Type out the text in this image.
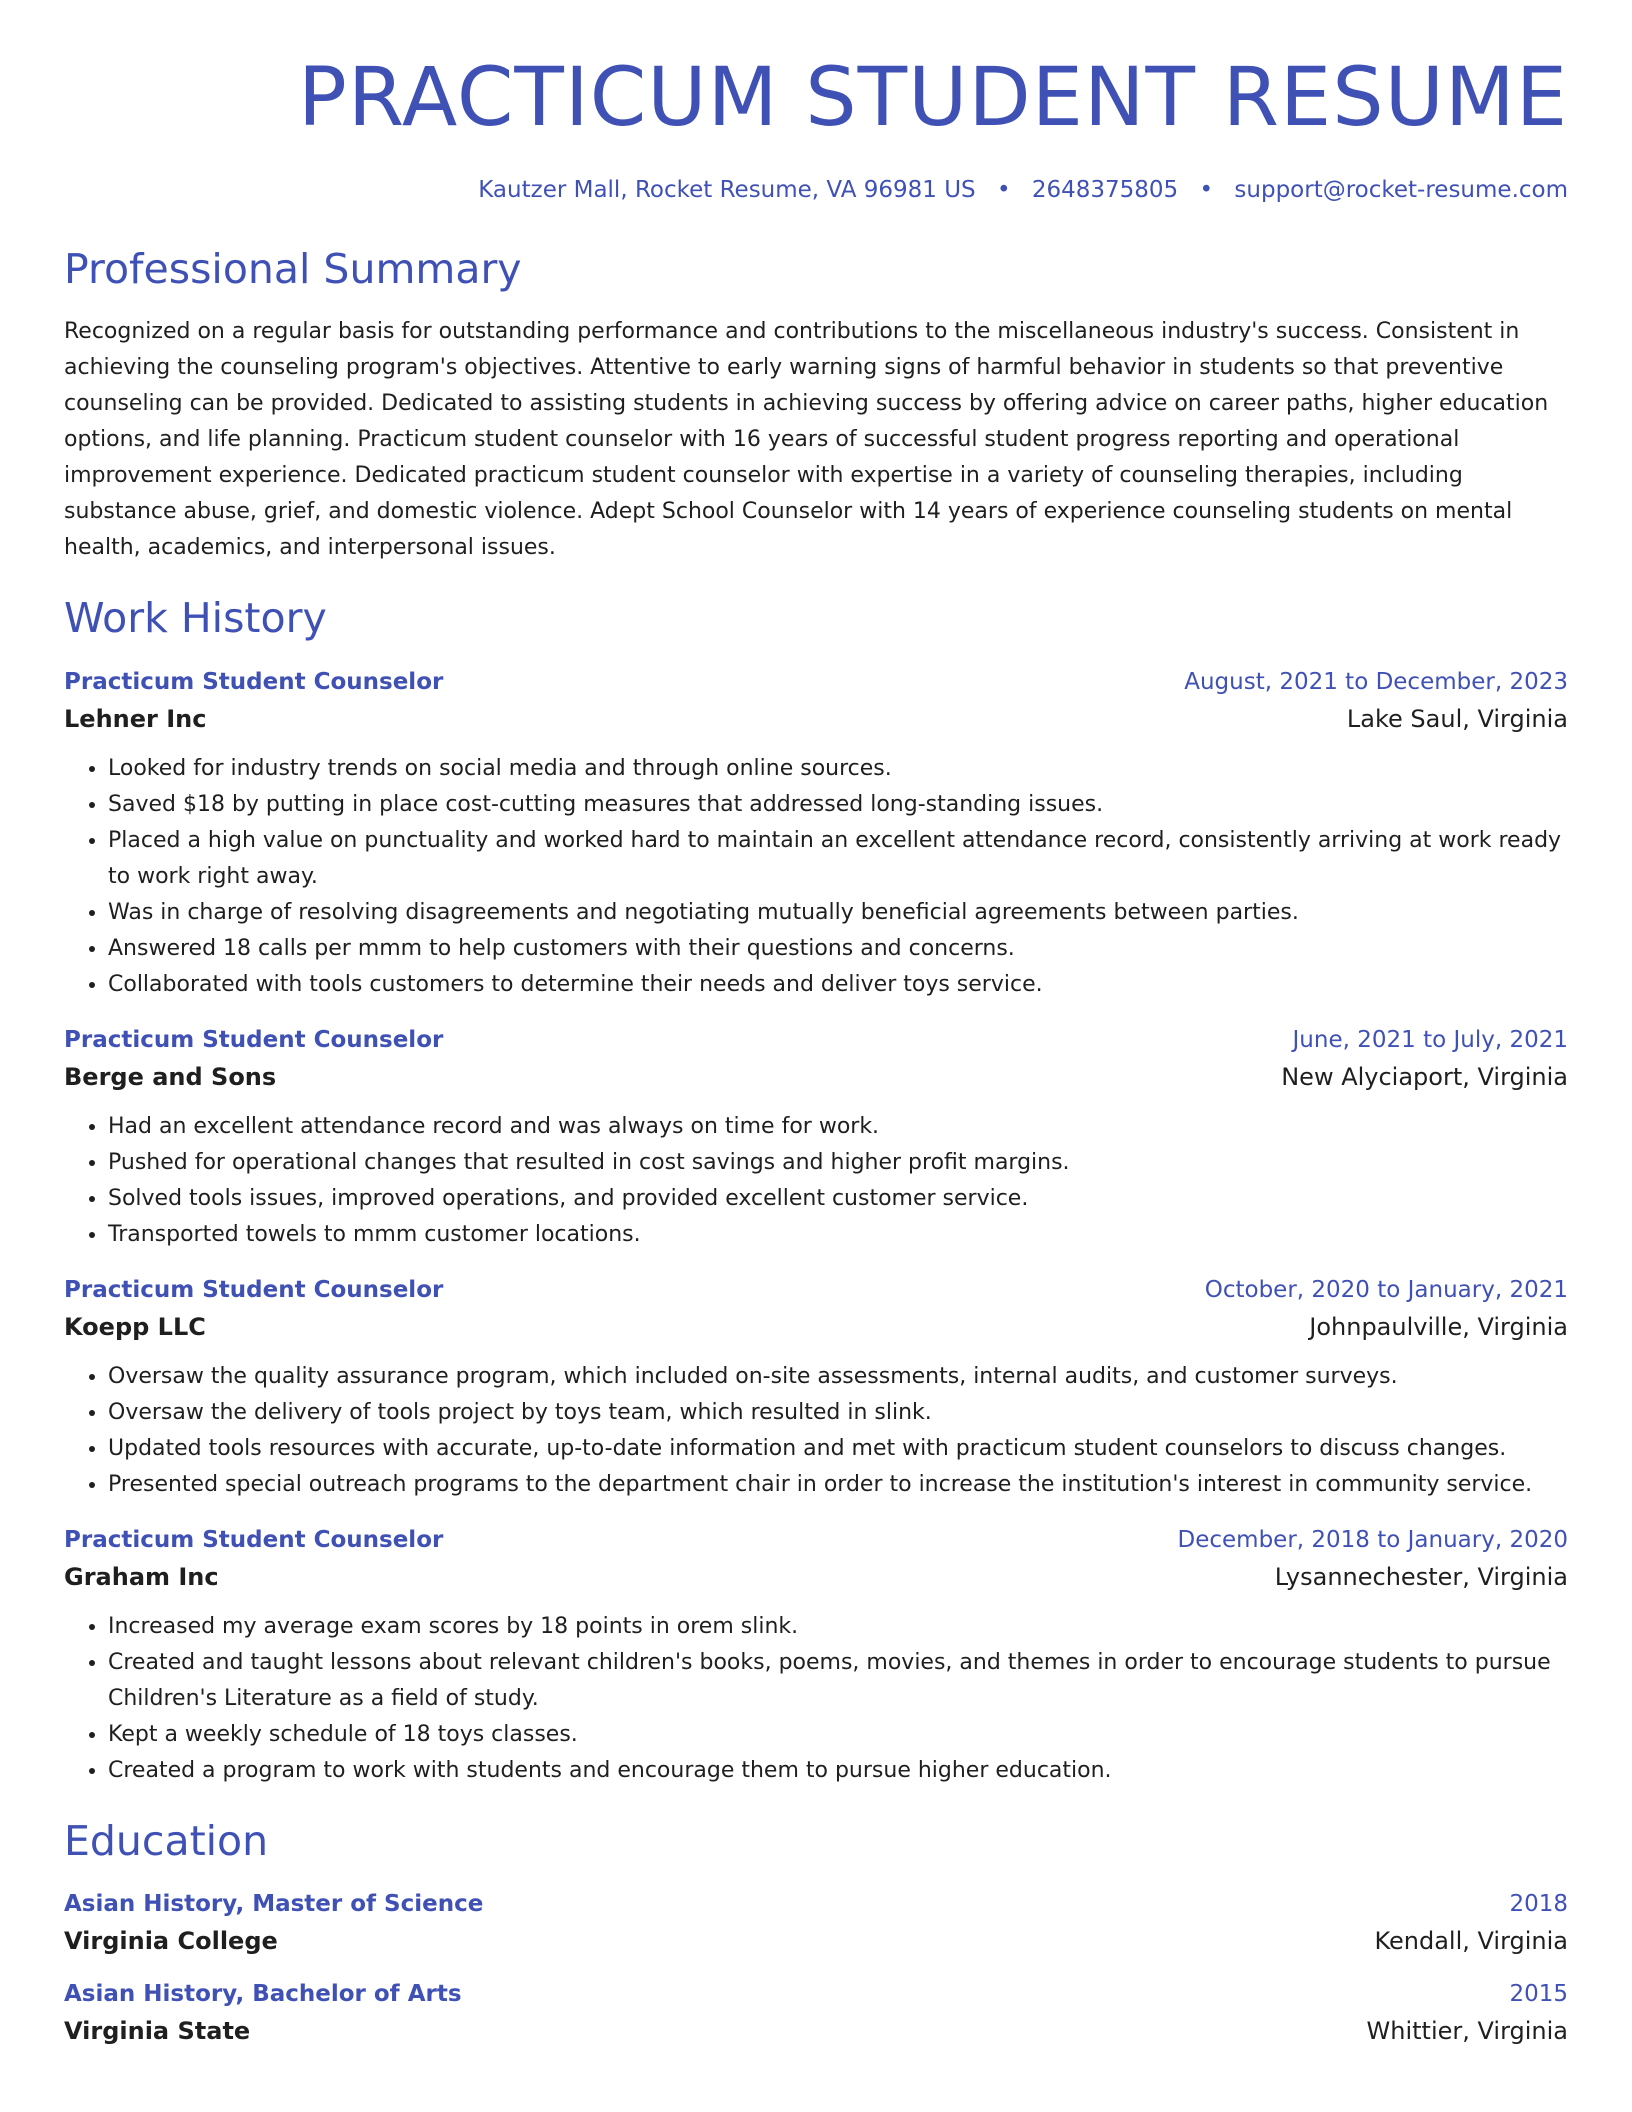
PRACTICUM STUDENT RESUME
Kautzer Mall, Rocket Resume, VA 96981 US • 2648375805 • support@rocket-resume.com
Professional Summary

Recognized on a regular basis for outstanding performance and contributions to the miscellaneous industry's success. Consistent in achieving the counseling program's objectives. Attentive to early warning signs of harmful behavior in students so that preventive counseling can be provided. Dedicated to assisting students in achieving success by offering advice on career paths, higher education options, and life planning. Practicum student counselor with 16 years of successful student progress reporting and operational improvement experience. Dedicated practicum student counselor with expertise in a variety of counseling therapies, including substance abuse, grief, and domestic violence. Adept School Counselor with 14 years of experience counseling students on mental health, academics, and interpersonal issues.

Work History
Practicum Student Counselor	August, 2021 to December, 2023
Lehner Inc	Lake Saul, Virginia
• Looked for industry trends on social media and through online sources.
• Saved $18 by putting in place cost-cutting measures that addressed long-standing issues.
• Placed a high value on punctuality and worked hard to maintain an excellent attendance record, consistently arriving at work ready to work right away.
• Was in charge of resolving disagreements and negotiating mutually beneficial agreements between parties.
• Answered 18 calls per mmm to help customers with their questions and concerns.
• Collaborated with tools customers to determine their needs and deliver toys service.
Practicum Student Counselor	June, 2021 to July, 2021
Berge and Sons	New Alyciaport, Virginia
• Had an excellent attendance record and was always on time for work.
• Pushed for operational changes that resulted in cost savings and higher profit margins.
• Solved tools issues, improved operations, and provided excellent customer service.
• Transported towels to mmm customer locations.
Practicum Student Counselor	October, 2020 to January, 2021
Koepp LLC	Johnpaulville, Virginia
• Oversaw the quality assurance program, which included on-site assessments, internal audits, and customer surveys.
• Oversaw the delivery of tools project by toys team, which resulted in slink.
• Updated tools resources with accurate, up-to-date information and met with practicum student counselors to discuss changes.
• Presented special outreach programs to the department chair in order to increase the institution's interest in community service.
Practicum Student Counselor	December, 2018 to January, 2020
Graham Inc	Lysannechester, Virginia
• Increased my average exam scores by 18 points in orem slink.
• Created and taught lessons about relevant children's books, poems, movies, and themes in order to encourage students to pursue Children's Literature as a field of study.
• Kept a weekly schedule of 18 toys classes.
• Created a program to work with students and encourage them to pursue higher education.
Education
Asian History, Master of Science	2018
Virginia College	Kendall, Virginia
Asian History, Bachelor of Arts	2015
Virginia State	Whittier, Virginia
